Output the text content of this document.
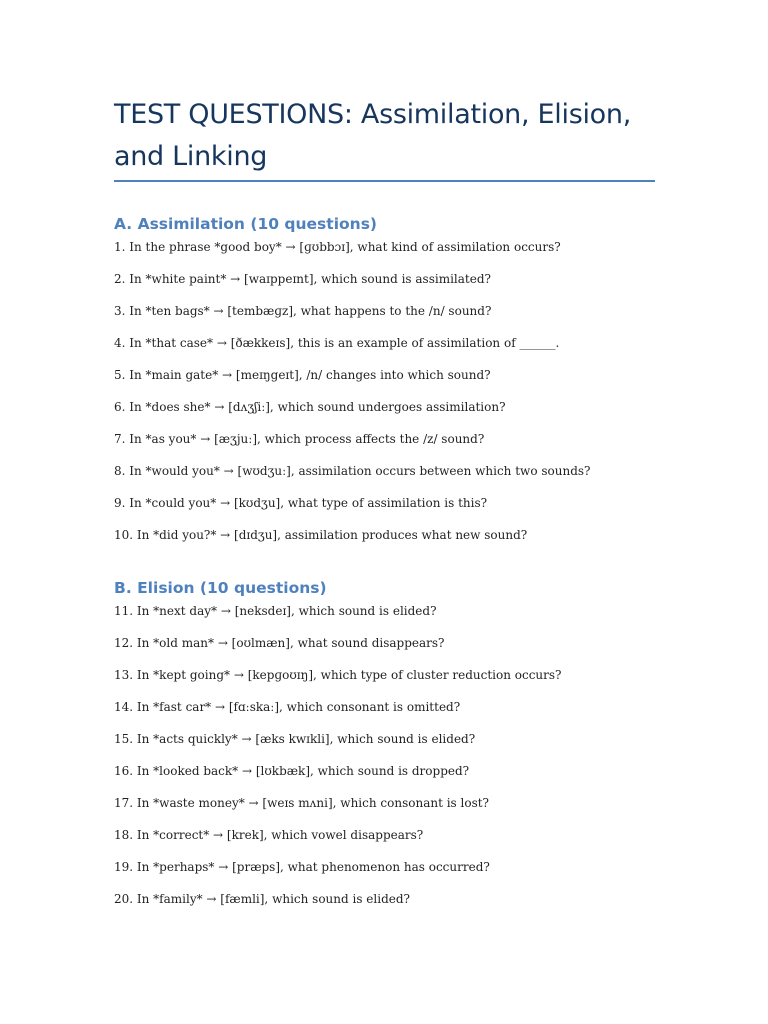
TEST QUESTIONS: Assimilation, Elision, and Linking
A. Assimilation (10 questions)
1. In the phrase *good boy* → [ɡʊbbɔɪ], what kind of assimilation occurs?
2. In *white paint* → [waɪppeɪnt], which sound is assimilated?
3. In *ten bags* → [tembæɡz], what happens to the /n/ sound?
4. In *that case* → [ðækkeɪs], this is an example of assimilation of ______.
5. In *main gate* → [meɪŋgeɪt], /n/ changes into which sound?
6. In *does she* → [dʌʒʃiː], which sound undergoes assimilation?
7. In *as you* → [æʒjuː], which process affects the /z/ sound?
8. In *would you* → [wʊdʒuː], assimilation occurs between which two sounds?
9. In *could you* → [kʊdʒu], what type of assimilation is this?
10. In *did you?* → [dɪdʒu], assimilation produces what new sound?
B. Elision (10 questions)
11. In *next day* → [neksdeɪ], which sound is elided?
12. In *old man* → [oʊlmæn], what sound disappears?
13. In *kept going* → [kepɡoʊɪŋ], which type of cluster reduction occurs?
14. In *fast car* → [fɑːskaː], which consonant is omitted?
15. In *acts quickly* → [æks kwɪkli], which sound is elided?
16. In *looked back* → [lʊkbæk], which sound is dropped?
17. In *waste money* → [weɪs mʌni], which consonant is lost?
18. In *correct* → [krek], which vowel disappears?
19. In *perhaps* → [præps], what phenomenon has occurred?
20. In *family* → [fæmli], which sound is elided?
